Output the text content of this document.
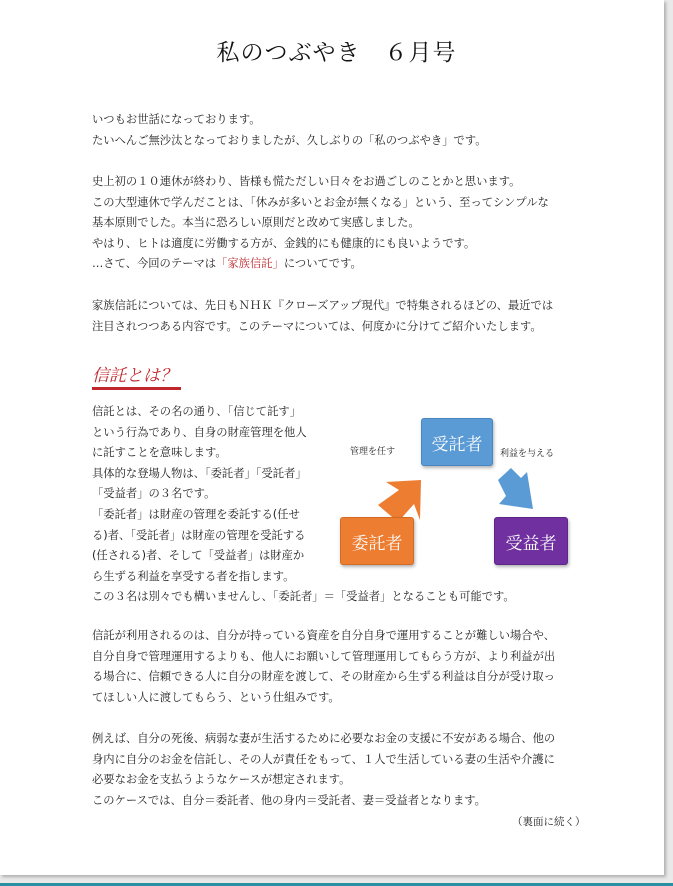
私のつぶやき　６月号
いつもお世話になっております。
たいへんご無沙汰となっておりましたが、久しぶりの「私のつぶやき」です。
史上初の１０連休が終わり、皆様も慌ただしい日々をお過ごしのことかと思います。
この大型連休で学んだことは、「休みが多いとお金が無くなる」という、至ってシンプルな
基本原則でした。本当に恐ろしい原則だと改めて実感しました。
やはり、ヒトは適度に労働する方が、金銭的にも健康的にも良いようです。
…さて、今回のテーマは「家族信託」についてです。
家族信託については、先日もＮＨＫ『クローズアップ現代』で特集されるほどの、最近では
注目されつつある内容です。このテーマについては、何度かに分けてご紹介いたします。
信託とは？
信託とは、その名の通り、「信じて託す」
という行為であり、自身の財産管理を他人
に託すことを意味します。
具体的な登場人物は、「委託者」「受託者」
「受益者」の３名です。
「委託者」は財産の管理を委託する(任せ
る)者、「受託者」は財産の管理を受託する
(任される)者、そして「受益者」は財産か
ら生ずる利益を享受する者を指します。
この３名は別々でも構いませんし、「委託者」＝「受益者」となることも可能です。
管理を任す	利益を与える
受託者
委託者	受益者
信託が利用されるのは、自分が持っている資産を自分自身で運用することが難しい場合や、
自分自身で管理運用するよりも、他人にお願いして管理運用してもらう方が、より利益が出
る場合に、信頼できる人に自分の財産を渡して、その財産から生ずる利益は自分が受け取っ
てほしい人に渡してもらう、という仕組みです。
例えば、自分の死後、病弱な妻が生活するために必要なお金の支援に不安がある場合、他の
身内に自分のお金を信託し、その人が責任をもって、１人で生活している妻の生活や介護に
必要なお金を支払うようなケースが想定されます。
このケースでは、自分＝委託者、他の身内＝受託者、妻＝受益者となります。
（裏面に続く）
